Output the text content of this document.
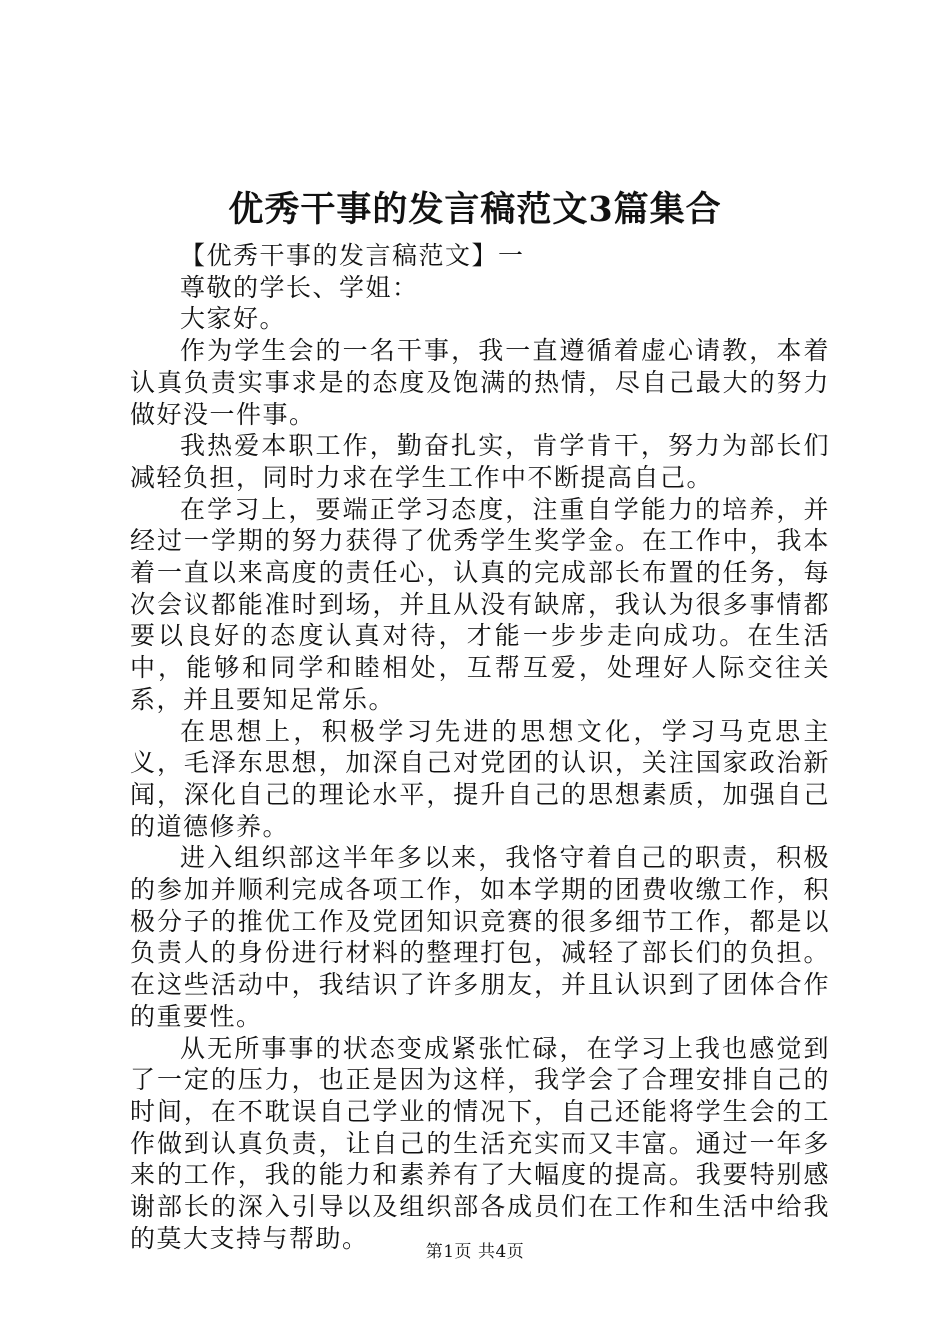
优秀干事的发言稿范文3篇集合

【优秀干事的发言稿范文】一

尊敬的学长、学姐：

大家好。

作为学生会的一名干事，我一直遵循着虚心请教，本着认真负责实事求是的态度及饱满的热情，尽自己最大的努力做好没一件事。

我热爱本职工作，勤奋扎实，肯学肯干，努力为部长们减轻负担，同时力求在学生工作中不断提高自己。

在学习上，要端正学习态度，注重自学能力的培养，并经过一学期的努力获得了优秀学生奖学金。在工作中，我本着一直以来高度的责任心，认真的完成部长布置的任务，每次会议都能准时到场，并且从没有缺席，我认为很多事情都要以良好的态度认真对待，才能一步步走向成功。在生活中，能够和同学和睦相处，互帮互爱，处理好人际交往关系，并且要知足常乐。

在思想上，积极学习先进的思想文化，学习马克思主义，毛泽东思想，加深自己对党团的认识，关注国家政治新闻，深化自己的理论水平，提升自己的思想素质，加强自己的道德修养。

进入组织部这半年多以来，我恪守着自己的职责，积极的参加并顺利完成各项工作，如本学期的团费收缴工作，积极分子的推优工作及党团知识竞赛的很多细节工作，都是以负责人的身份进行材料的整理打包，减轻了部长们的负担。在这些活动中，我结识了许多朋友，并且认识到了团体合作的重要性。

从无所事事的状态变成紧张忙碌，在学习上我也感觉到了一定的压力，也正是因为这样，我学会了合理安排自己的时间，在不耽误自己学业的情况下，自己还能将学生会的工作做到认真负责，让自己的生活充实而又丰富。通过一年多来的工作，我的能力和素养有了大幅度的提高。我要特别感谢部长的深入引导以及组织部各成员们在工作和生活中给我的莫大支持与帮助。	第1页 共4页
